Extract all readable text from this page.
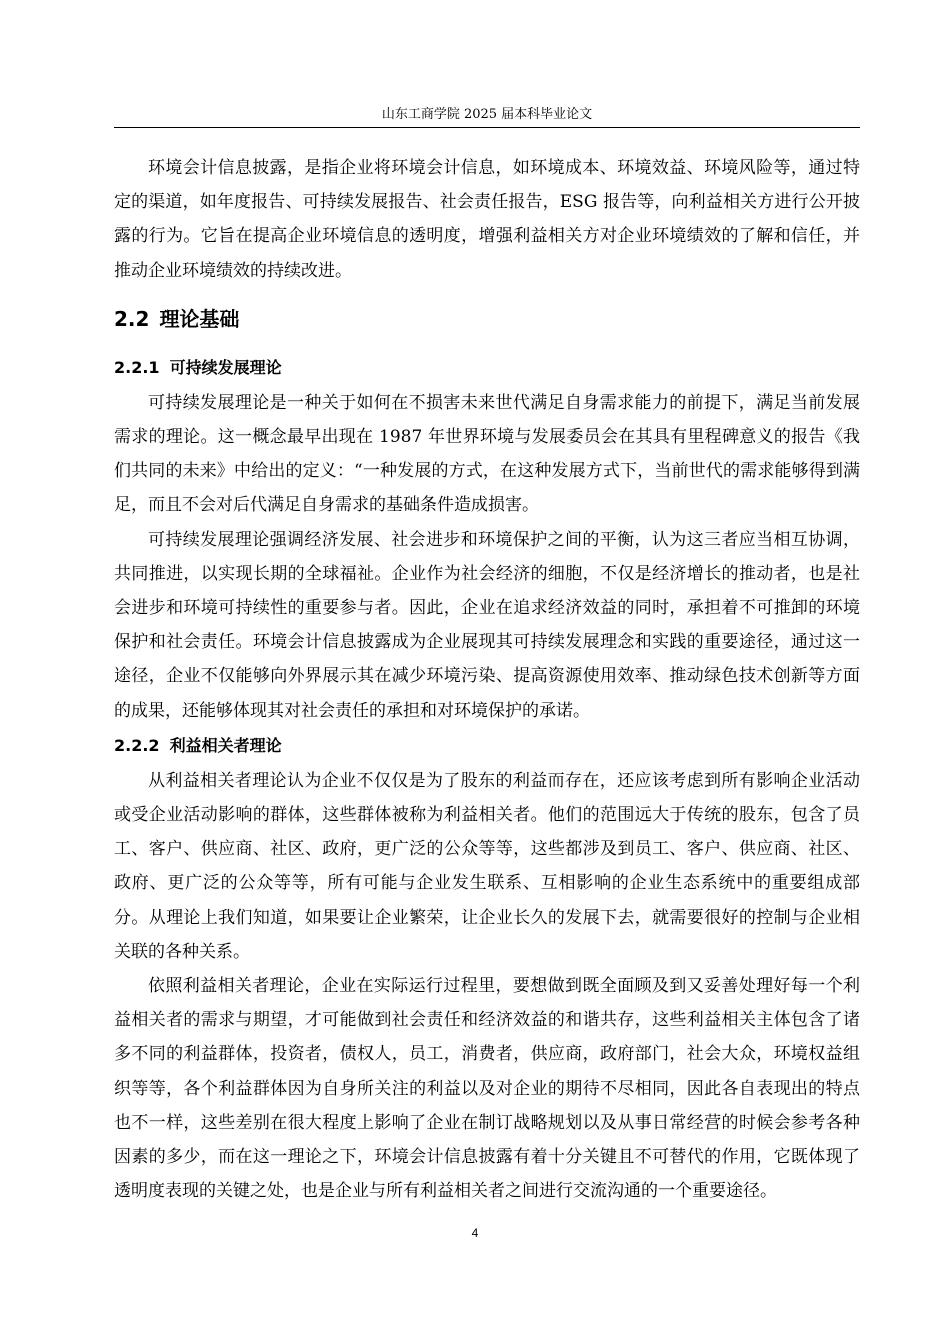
山东工商学院 2025 届本科毕业论文

环境会计信息披露，是指企业将环境会计信息，如环境成本、环境效益、环境风险等，通过特定的渠道，如年度报告、可持续发展报告、社会责任报告，ESG 报告等，向利益相关方进行公开披露的行为。它旨在提高企业环境信息的透明度，增强利益相关方对企业环境绩效的了解和信任，并推动企业环境绩效的持续改进。

2.2 理论基础
2.2.1 可持续发展理论

可持续发展理论是一种关于如何在不损害未来世代满足自身需求能力的前提下，满足当前发展需求的理论。这一概念最早出现在 1987 年世界环境与发展委员会在其具有里程碑意义的报告《我们共同的未来》中给出的定义：“一种发展的方式，在这种发展方式下，当前世代的需求能够得到满足，而且不会对后代满足自身需求的基础条件造成损害。

可持续发展理论强调经济发展、社会进步和环境保护之间的平衡，认为这三者应当相互协调，共同推进，以实现长期的全球福祉。企业作为社会经济的细胞，不仅是经济增长的推动者，也是社会进步和环境可持续性的重要参与者。因此，企业在追求经济效益的同时，承担着不可推卸的环境保护和社会责任。环境会计信息披露成为企业展现其可持续发展理念和实践的重要途径，通过这一途径，企业不仅能够向外界展示其在减少环境污染、提高资源使用效率、推动绿色技术创新等方面的成果，还能够体现其对社会责任的承担和对环境保护的承诺。

2.2.2 利益相关者理论

从利益相关者理论认为企业不仅仅是为了股东的利益而存在，还应该考虑到所有影响企业活动或受企业活动影响的群体，这些群体被称为利益相关者。他们的范围远大于传统的股东，包含了员工、客户、供应商、社区、政府，更广泛的公众等等，这些都涉及到员工、客户、供应商、社区、政府、更广泛的公众等等，所有可能与企业发生联系、互相影响的企业生态系统中的重要组成部分。从理论上我们知道，如果要让企业繁荣，让企业长久的发展下去，就需要很好的控制与企业相关联的各种关系。

依照利益相关者理论，企业在实际运行过程里，要想做到既全面顾及到又妥善处理好每一个利益相关者的需求与期望，才可能做到社会责任和经济效益的和谐共存，这些利益相关主体包含了诸多不同的利益群体，投资者，债权人，员工，消费者，供应商，政府部门，社会大众，环境权益组织等等，各个利益群体因为自身所关注的利益以及对企业的期待不尽相同，因此各自表现出的特点也不一样，这些差别在很大程度上影响了企业在制订战略规划以及从事日常经营的时候会参考各种因素的多少，而在这一理论之下，环境会计信息披露有着十分关键且不可替代的作用，它既体现了透明度表现的关键之处，也是企业与所有利益相关者之间进行交流沟通的一个重要途径。

4
